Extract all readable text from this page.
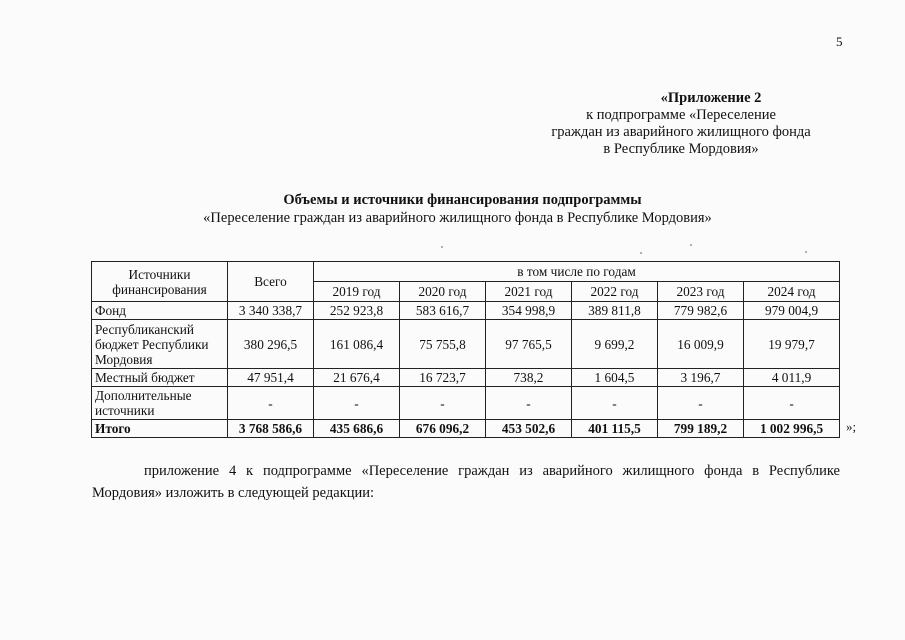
5
«Приложение 2
к подпрограмме «Переселение
граждан из аварийного жилищного фонда
в Республике Мордовия»
Объемы и источники финансирования подпрограммы
«Переселение граждан из аварийного жилищного фонда в Республике Мордовия»
Источники финансирования	Всего	в том числе по годам					
		2019 год	2020 год	2021 год	2022 год	2023 год	2024 год
Фонд	3 340 338,7	252 923,8	583 616,7	354 998,9	389 811,8	779 982,6	979 004,9
Республиканский бюджет Республики Мордовия	380 296,5	161 086,4	75 755,8	97 765,5	9 699,2	16 009,9	19 979,7
Местный бюджет	47 951,4	21 676,4	16 723,7	738,2	1 604,5	3 196,7	4 011,9
Дополнительные источники	-	-	-	-	-	-	-
Итого	3 768 586,6	435 686,6	676 096,2	453 502,6	401 115,5	799 189,2	1 002 996,5 »;
приложение 4 к подпрограмме «Переселение граждан из аварийного жилищного фонда в Республике Мордовия» изложить в следующей редакции:
